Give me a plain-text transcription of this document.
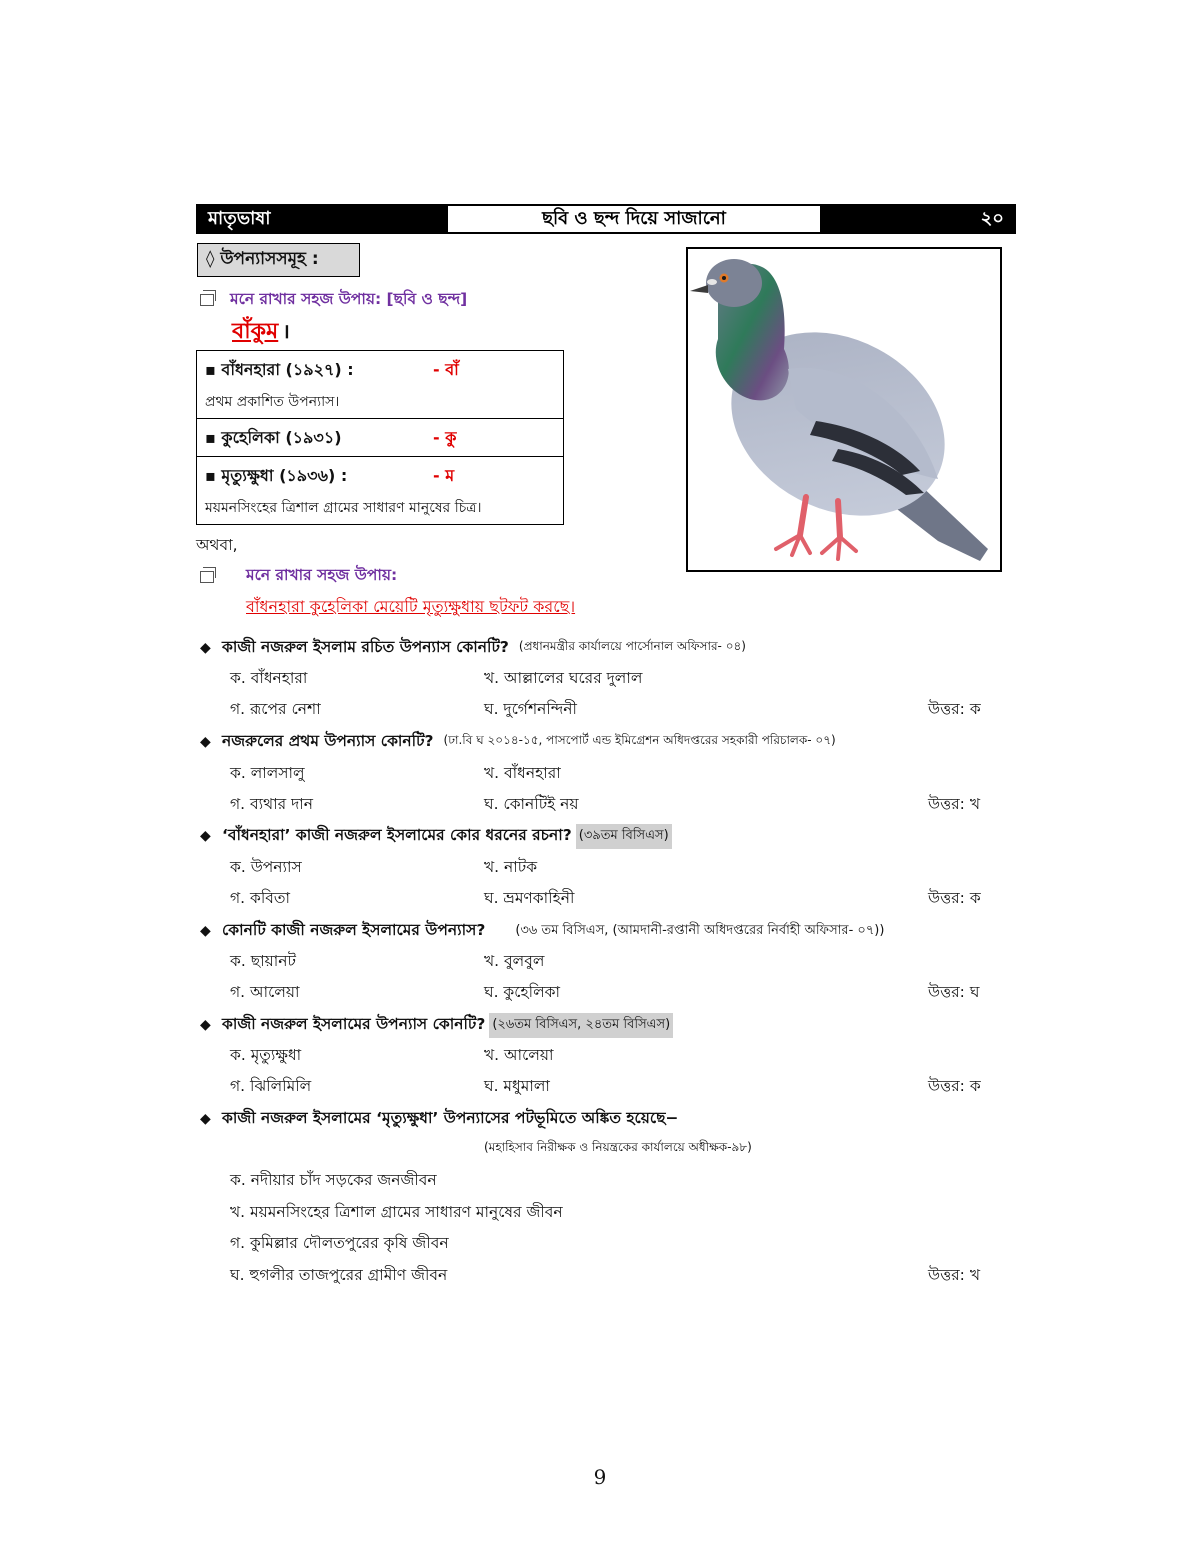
মাতৃভাষা	ছবি ও ছন্দ দিয়ে সাজানো	২০
◊ উপন্যাসসমূহ :
মনে রাখার সহজ উপায়: [ছবি ও ছন্দ]
বাঁকুম ।
▪ বাঁধনহারা (১৯২৭) :	- বাঁ
প্রথম প্রকাশিত উপন্যাস।
▪ কুহেলিকা (১৯৩১)	- কু
▪ মৃত্যুক্ষুধা (১৯৩৬) :	- ম
ময়মনসিংহের ত্রিশাল গ্রামের সাধারণ মানুষের চিত্র।
অথবা,
মনে রাখার সহজ উপায়:
বাঁধনহারা কুহেলিকা মেয়েটি মৃত্যুক্ষুধায় ছটফট করছে।
◆ কাজী নজরুল ইসলাম রচিত উপন্যাস কোনটি? (প্রধানমন্ত্রীর কার্যালয়ে পার্সোনাল অফিসার- ০৪)
ক. বাঁধনহারা	খ. আল্লালের ঘরের দুলাল
গ. রূপের নেশা	ঘ. দুর্গেশনন্দিনী	উত্তর: ক
◆ নজরুলের প্রথম উপন্যাস কোনটি? (ঢা.বি ঘ ২০১৪-১৫, পাসপোর্ট এন্ড ইমিগ্রেশন অধিদপ্তরের সহকারী পরিচালক- ০৭)
ক. লালসালু	খ. বাঁধনহারা
গ. ব্যথার দান	ঘ. কোনটিই নয়	উত্তর: খ
◆ ‘বাঁধনহারা’ কাজী নজরুল ইসলামের কোর ধরনের রচনা? (৩৯তম বিসিএস)
ক. উপন্যাস	খ. নাটক
গ. কবিতা	ঘ. ভ্রমণকাহিনী	উত্তর: ক
◆ কোনটি কাজী নজরুল ইসলামের উপন্যাস? (৩৬ তম বিসিএস, (আমদানী-রপ্তানী অধিদপ্তরের নির্বাহী অফিসার- ০৭))
ক. ছায়ানট	খ. বুলবুল
গ. আলেয়া	ঘ. কুহেলিকা	উত্তর: ঘ
◆ কাজী নজরুল ইসলামের উপন্যাস কোনটি? (২৬তম বিসিএস, ২৪তম বিসিএস)
ক. মৃত্যুক্ষুধা	খ. আলেয়া
গ. ঝিলিমিলি	ঘ. মধুমালা	উত্তর: ক
◆ কাজী নজরুল ইসলামের ‘মৃত্যুক্ষুধা’ উপন্যাসের পটভূমিতে অঙ্কিত হয়েছে−
(মহাহিসাব নিরীক্ষক ও নিয়ন্ত্রকের কার্যালয়ে অধীক্ষক-৯৮)
ক. নদীয়ার চাঁদ সড়কের জনজীবন
খ. ময়মনসিংহের ত্রিশাল গ্রামের সাধারণ মানুষের জীবন
গ. কুমিল্লার দৌলতপুরের কৃষি জীবন
ঘ. হুগলীর তাজপুরের গ্রামীণ জীবন	উত্তর: খ
9
